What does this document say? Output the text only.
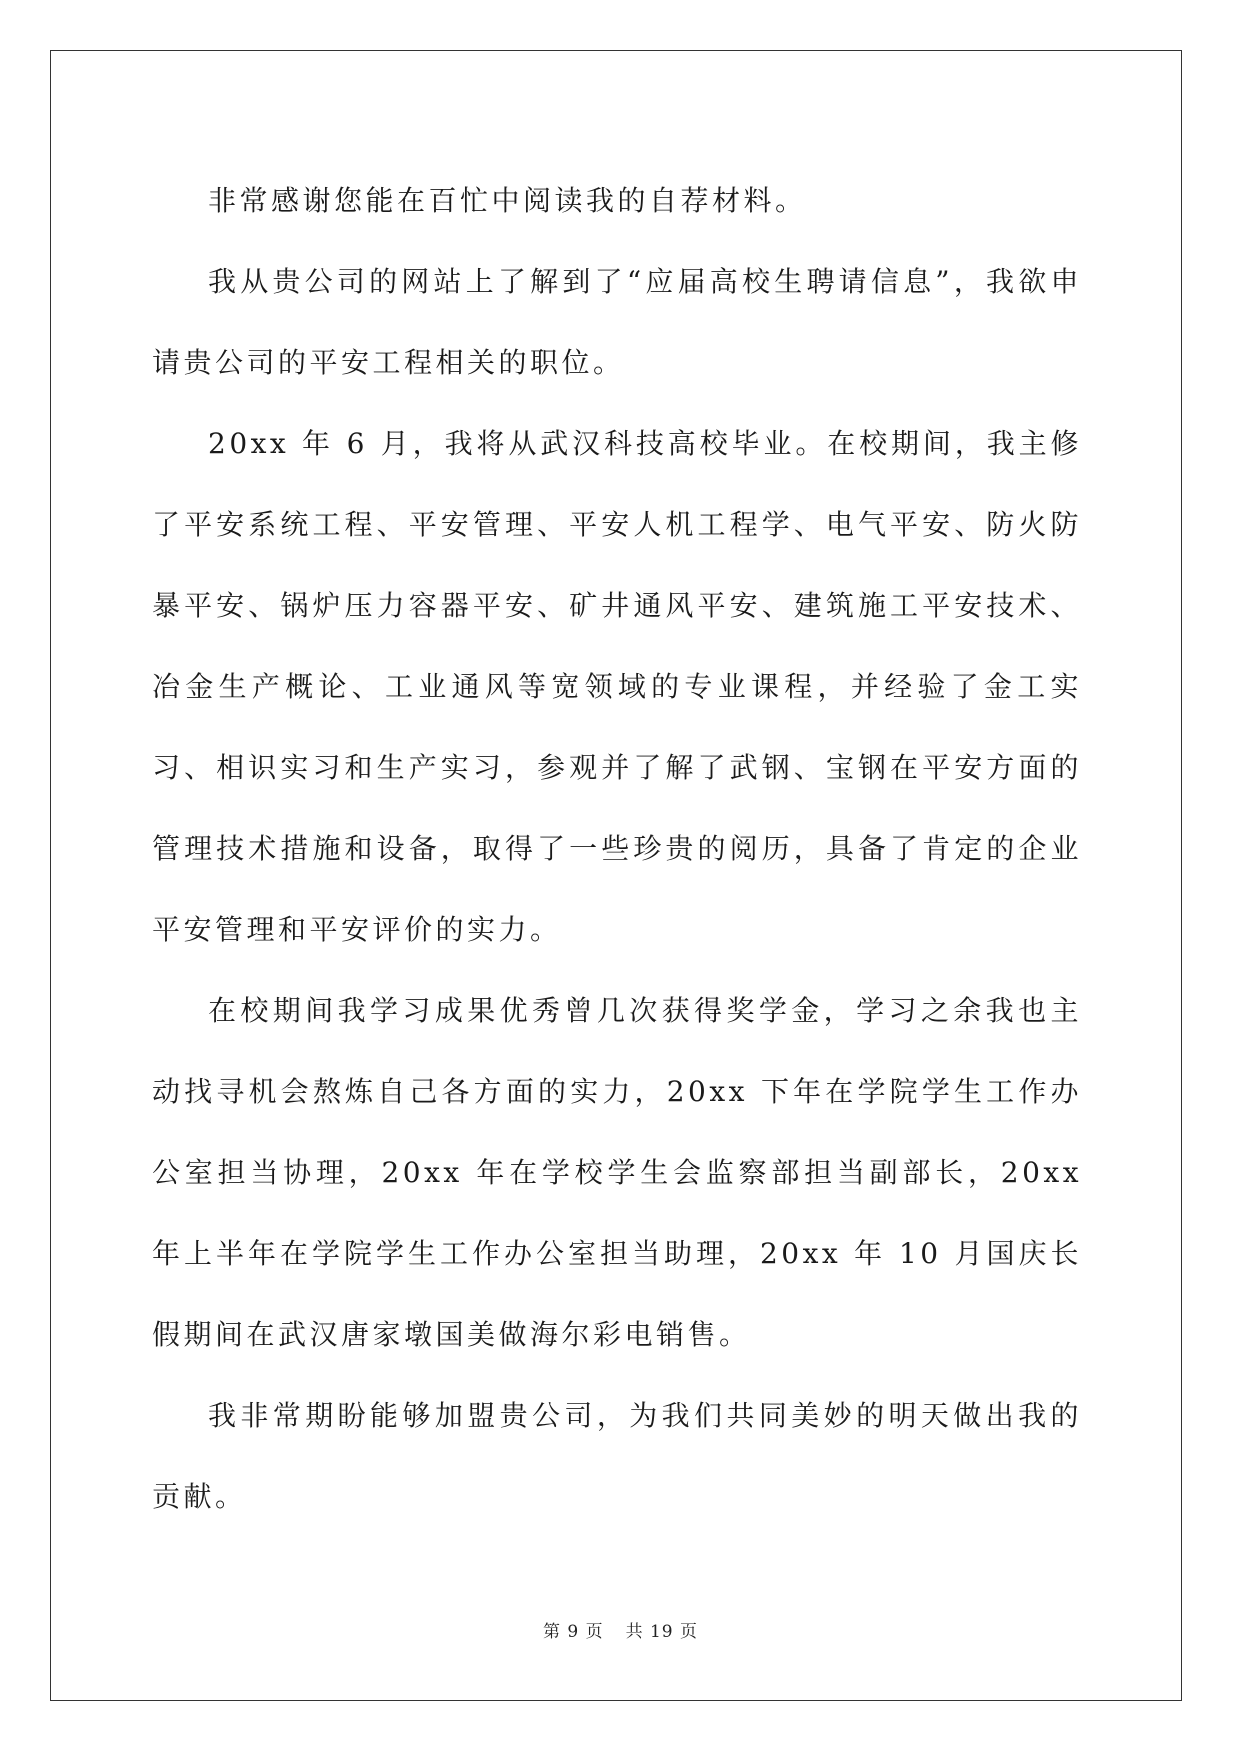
非常感谢您能在百忙中阅读我的自荐材料。

我从贵公司的网站上了解到了“应届高校生聘请信息”，我欲申请贵公司的平安工程相关的职位。

20xx 年 6 月，我将从武汉科技高校毕业。在校期间，我主修了平安系统工程、平安管理、平安人机工程学、电气平安、防火防暴平安、锅炉压力容器平安、矿井通风平安、建筑施工平安技术、冶金生产概论、工业通风等宽领域的专业课程，并经验了金工实习、相识实习和生产实习，参观并了解了武钢、宝钢在平安方面的管理技术措施和设备，取得了一些珍贵的阅历，具备了肯定的企业平安管理和平安评价的实力。

在校期间我学习成果优秀曾几次获得奖学金，学习之余我也主动找寻机会熬炼自己各方面的实力，20xx 下年在学院学生工作办公室担当协理，20xx 年在学校学生会监察部担当副部长，20xx 年上半年在学院学生工作办公室担当助理，20xx 年 10 月国庆长假期间在武汉唐家墩国美做海尔彩电销售。

我非常期盼能够加盟贵公司，为我们共同美妙的明天做出我的贡献。

第 9 页 共 19 页
